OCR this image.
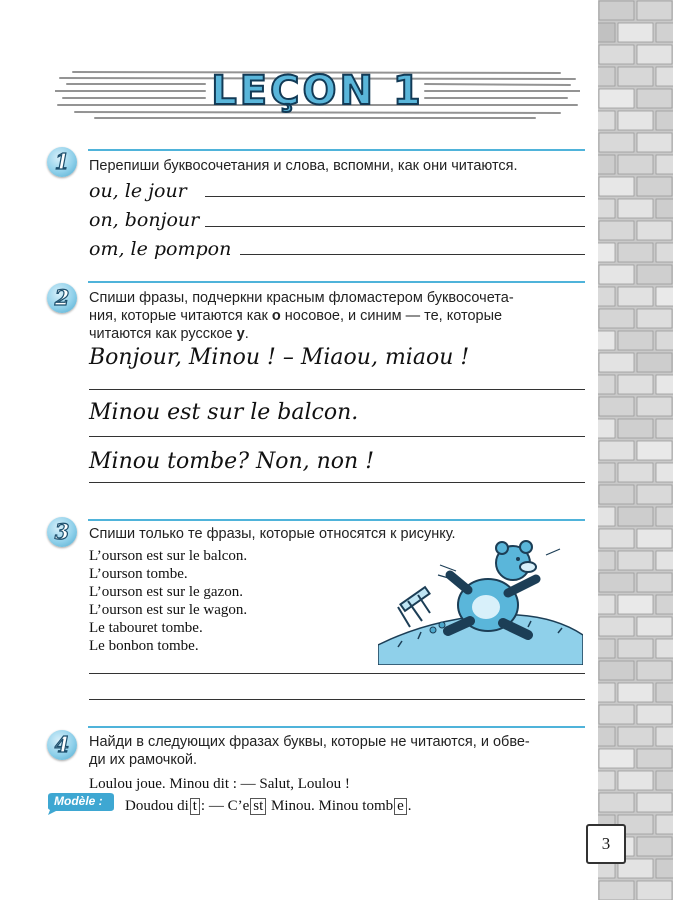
LEÇON 1
1	Перепиши буквосочетания и слова, вспомни, как они читаются.
ou, le jour
on, bonjour
om, le pompon
2	Спиши фразы, подчеркни красным фломастером буквосочета-
ния, которые читаются как o носовое, и синим — те, которые
читаются как русское у.
Bonjour, Minou ! – Miaou, miaou !
Minou est sur le balcon.
Minou tombe? Non, non !
3	Спиши только те фразы, которые относятся к рисунку.
L’ourson est sur le balcon.
L’ourson tombe.
L’ourson est sur le gazon.
L’ourson est sur le wagon.
Le tabouret tombe.
Le bonbon tombe.
4	Найди в следующих фразах буквы, которые не читаются, и обве-
ди их рамочкой.
Loulou joue. Minou dit : — Salut, Loulou !
Modèle : Doudou di t : — C’e st Minou. Minou tomb e .
3
